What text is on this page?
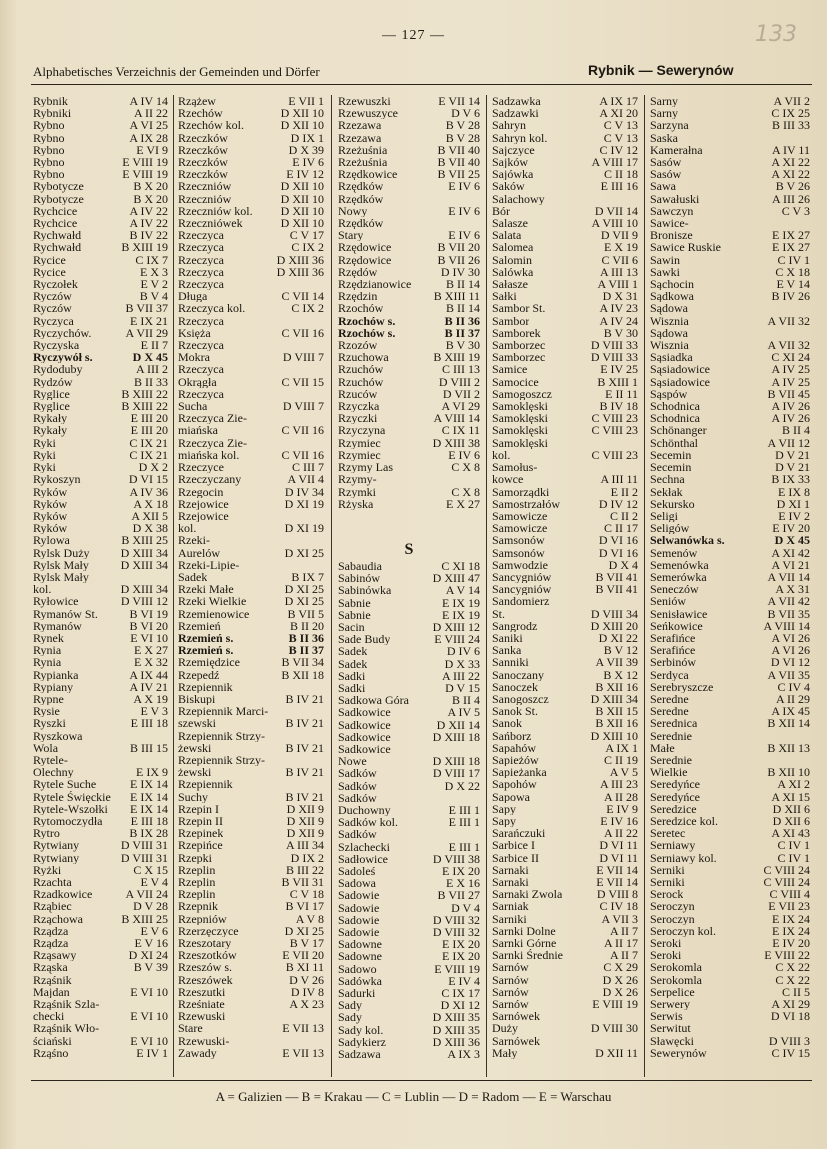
— 127 —	133
Alphabetisches Verzeichnis der Gemeinden und Dörfer	Rybnik — Sewerynów
Rybnik	A IV 14
Rybniki	A II 22
Rybno	A VI 25
Rybno	A IX 28
Rybno	E VI 9
Rybno	E VIII 19
Rybno	E VIII 19
Rybotycze	B X 20
Rybotycze	B X 20
Rychcice	A IV 22
Rychcice	A IV 22
Rychwałd	B IV 22
Rychwałd	B XIII 19
Rycice	C IX 7
Rycice	E X 3
Ryczołek	E V 2
Ryczów	B V 4
Ryczów	B VII 37
Ryczyca	E IX 21
Ryczychów.	A VII 29
Ryczyska	E II 7
Ryczywół s.	D X 45
Rydoduby	A III 2
Rydzów	B II 33
Ryglice	B XIII 22
Ryglice	B XIII 22
Rykały	E III 20
Rykały	E III 20
Ryki	C IX 21
Ryki	C IX 21
Ryki	D X 2
Rykoszyn	D VI 15
Ryków	A IV 36
Ryków	A X 18
Ryków	A XII 5
Ryków	D X 38
Rylowa	B XIII 25
Rylsk Duży	D XIII 34
Rylsk Mały	D XIII 34
Rylsk Mały
kol.	D XIII 34
Ryłowice	D VIII 12
Rymanów St.	B VI 19
Rymanów	B VI 20
Rynek	E VI 10
Rynia	E X 27
Rynia	E X 32
Rypianka	A IX 44
Rypiany	A IV 21
Rypne	A X 19
Rysie	E V 3
Ryszki	E III 18
Ryszkowa
Wola	B III 15
Rytele-
Olechny	E IX 9
Rytele Suche	E IX 14
Rytele Święckie E IX 14
Rytele-Wszołki E IX 14
Rytomoczydła E III 18
Rytro	B IX 28
Rytwiany	D VIII 31
Rytwiany	D VIII 31
Ryżki	C X 15
Rzachta	E V 4
Rzadkowice	A VII 24
Rząbiec	D V 28
Rząchowa	B XIII 25
Rządza	E V 6
Rządza	E V 16
Rząsawy	D XI 24
Rząska	B V 39
Rząśnik
Majdan	E VI 10
Rząśnik Szla-
checki	E VI 10
Rząśnik Wło-
ściański	E VI 10
Rząśno	E IV 1
Rzążew	E VII 1
Rzechów	D XII 10
Rzechów kol.	D XII 10
Rzeczków	D IX 1
Rzeczków	D X 39
Rzeczków	E IV 6
Rzeczków	E IV 12
Rzeczniów	D XII 10
Rzeczniów	D XII 10
Rzeczniów kol. D XII 10
Rzeczniówek	D XII 10
Rzeczyca	C V 17
Rzeczyca	C IX 2
Rzeczyca	D XIII 36
Rzeczyca	D XIII 36
Rzeczyca
Długa	C VII 14
Rzeczyca kol.	C IX 2
Rzeczyca
Księża	C VII 16
Rzeczyca
Mokra	D VIII 7
Rzeczyca
Okrągła	C VII 15
Rzeczyca
Sucha	D VIII 7
Rzeczyca Zie-
miańska	C VII 16
Rzeczyca Zie-
miańska kol.	C VII 16
Rzeczyce	C III 7
Rzeczyczany	A VII 4
Rzegocin	D IV 34
Rzejowice	D XI 19
Rzejowice
kol.	D XI 19
Rzeki-
Aurelów	D XI 25
Rzeki-Lipie-
Sadek	B IX 7
Rzeki Małe	D XI 25
Rzeki Wielkie	D XI 25
Rzemienowice	B VII 5
Rzemień	B II 20
Rzemień s.	B II 36
Rzemień s.	B II 37
Rzemiędzice	B VII 34
Rzepedź	B XII 18
Rzepiennik
Biskupi	B IV 21
Rzepiennik Marci-
szewski	B IV 21
Rzepiennik Strzy-
żewski	B IV 21
Rzepiennik Strzy-
żewski	B IV 21
Rzepiennik
Suchy	B IV 21
Rzepin I	D XII 9
Rzepin II	D XII 9
Rzepinek	D XII 9
Rzepińce	A III 34
Rzepki	D IX 2
Rzeplin	B III 22
Rzeplin	B VII 31
Rzeplin	C V 18
Rzepnik	B VI 17
Rzepniów	A V 8
Rzerzęczyce	D XI 25
Rzeszotary	B V 17
Rzeszotków	E VII 20
Rzeszów s.	B XI 11
Rzeszówek	D V 26
Rzeszutki	D IV 8
Rześniate	A X 23
Rzewuski
Stare	E VII 13
Rzewuski-
Zawady	E VII 13
Rzewuszki	E VII 14
Rzewuszyce	D V 6
Rzezawa	B V 28
Rzezawa	B V 28
Rzeżuśnia	B VII 40
Rzeżuśnia	B VII 40
Rzędkowice	B VII 25
Rzędków	E IV 6
Rzędków
Nowy	E IV 6
Rzędków
Stary	E IV 6
Rzędowice	B VII 20
Rzędowice	B VII 26
Rzędów	D IV 30
Rzędzianowice	B II 14
Rzędzin	B XIII 11
Rzochów	B II 14
Rzochów s.	B II 36
Rzochów s.	B II 37
Rzozów	B V 30
Rzuchowa	B XIII 19
Rzuchów	C III 13
Rzuchów	D VIII 2
Rzuców	D VII 2
Rzyczka	A VI 29
Rzyczki	A VIII 14
Rzyczyna	C IX 11
Rzymiec	D XIII 38
Rzymiec	E IV 6
Rzymy Las	C X 8
Rzymy-
Rzymki	C X 8
Rżyska	E X 27
S
Sabaudia	C XI 18
Sabinów	D XIII 47
Sabinówka	A V 14
Sabnie	E IX 19
Sabnie	E IX 19
Sacin	D XIII 12
Sade Budy	E VIII 24
Sadek	D IV 6
Sadek	D X 33
Sadki	A III 22
Sadki	D V 15
Sadkowa Góra	B II 4
Sadkowice	A IV 5
Sadkowice	D XII 14
Sadkowice	D XIII 18
Sadkowice
Nowe	D XIII 18
Sadków	D VIII 17
Sadków	D X 22
Sadków
Duchowny	E III 1
Sadków kol.	E III 1
Sadków
Szlachecki	E III 1
Sadłowice	D VIII 38
Sadoleś	E IX 20
Sadowa	E X 16
Sadowie	B VII 27
Sadowie	D V 4
Sadowie	D VIII 32
Sadowie	D VIII 32
Sadowne	E IX 20
Sadowne	E IX 20
Sadowo	E VIII 19
Sadówka	E IV 4
Sadurki	C IX 17
Sady	D XI 12
Sady	D XIII 35
Sady kol.	D XIII 35
Sadykierz	D XIII 36
Sadzawa	A IX 3
Sadzawka	A IX 17
Sadzawki	A XI 20
Sahryn	C V 13
Sahryn kol.	C V 13
Sajczyce	C IV 12
Sajków	A VIII 17
Sajówka	C II 18
Saków	E III 16
Salachowy
Bór	D VII 14
Salasze	A VIII 10
Salata	D VII 9
Salomea	E X 19
Salomin	C VII 6
Salówka	A III 13
Sałasze	A VIII 1
Sałki	D X 31
Sambor St.	A IV 23
Sambor	A IV 24
Samborek	B V 30
Samborzec	D VIII 33
Samborzec	D VIII 33
Samice	E IV 25
Samocice	B XIII 1
Samogoszcz	E II 11
Samoklęski	B IV 18
Samoklęski	C VIII 23
Samoklęski	C VIII 23
Samoklęski
kol.	C VIII 23
Samołus-
kowce	A III 11
Samorządki	E II 2
Samostrzałów	D IV 12
Samowicze	C II 2
Samowicze	C II 17
Samsonów	D VI 16
Samsonów	D VI 16
Samwodzie	D X 4
Sancygniów	B VII 41
Sancygniów	B VII 41
Sandomierz
St.	D VIII 34
Sangrodz	D XIII 20
Saniki	D XI 22
Sanka	B V 12
Sanniki	A VII 39
Sanoczany	B X 12
Sanoczek	B XII 16
Sanogoszcz	D XIII 34
Sanok St.	B XII 15
Sanok	B XII 16
Sańborz	D XIII 10
Sapahów	A IX 1
Sapieżów	C II 19
Sapieżanka	A V 5
Sapohów	A III 23
Sapowa	A II 28
Sapy	E IV 9
Sapy	E IV 16
Sarańczuki	A II 22
Sarbice I	D VI 11
Sarbice II	D VI 11
Sarnaki	E VII 14
Sarnaki	E VII 14
Sarnaki Zwola	D VIII 8
Sarniak	C IV 18
Sarniki	A VII 3
Sarnki Dolne	A II 7
Sarnki Górne	A II 17
Sarnki Średnie	A II 7
Sarnów	C X 29
Sarnów	D X 26
Sarnów	D X 26
Sarnów	E VIII 19
Sarnówek
Duży	D VIII 30
Sarnówek
Mały	D XII 11
Sarny	A VII 2
Sarny	C IX 25
Sarzyna	B III 33
Saska
Kamerałna	A IV 11
Sasów	A XI 22
Sasów	A XI 22
Sawa	B V 26
Sawałuski	A III 26
Sawczyn	C V 3
Sawice-
Bronisze	E IX 27
Sawice Ruskie	E IX 27
Sawin	C IV 1
Sawki	C X 18
Sąchocin	E V 14
Sądkowa	B IV 26
Sądowa
Wisznia	A VII 32
Sądowa
Wisznia	A VII 32
Sąsiadka	C XI 24
Sąsiadowice	A IV 25
Sąsiadowice	A IV 25
Sąspów	B VII 45
Schodnica	A IV 26
Schodnica	A IV 26
Schönanger	B II 4
Schönthal	A VII 12
Secemin	D V 21
Secemin	D V 21
Sechna	B IX 33
Sekłak	E IX 8
Sekursko	D XI 1
Seligi	E IV 2
Seligów	E IV 20
Selwanówka s.	D X 45
Semenów	A XI 42
Semenówka	A VI 21
Semerówka	A VII 14
Seneczów	A X 31
Seniów	A VII 42
Senisławice	B VII 35
Seńkowice	A VIII 14
Serafińce	A VI 26
Serafińce	A VI 26
Serbinów	D VI 12
Serdyca	A VII 35
Serebryszcze	C IV 4
Seredne	A II 29
Seredne	A IX 45
Serednica	B XII 14
Serednie
Małe	B XII 13
Serednie
Wielkie	B XII 10
Seredyńce	A XI 2
Seredyńce	A XI 15
Seredzice	D XII 6
Seredzice kol.	D XII 6
Seretec	A XI 43
Serniawy	C IV 1
Serniawy kol.	C IV 1
Serniki	C VIII 24
Serniki	C VIII 24
Serock	C VIII 4
Seroczyn	E VII 23
Seroczyn	E IX 24
Seroczyn kol.	E IX 24
Seroki	E IV 20
Seroki	E VIII 22
Serokomla	C X 22
Serokomla	C X 22
Serpelice	C II 5
Serwery	A XI 29
Serwis	D VI 18
Serwitut
Sławęcki	D VIII 3
Sewerynów	C IV 15
A = Galizien — B = Krakau — C = Lublin — D = Radom — E = Warschau
